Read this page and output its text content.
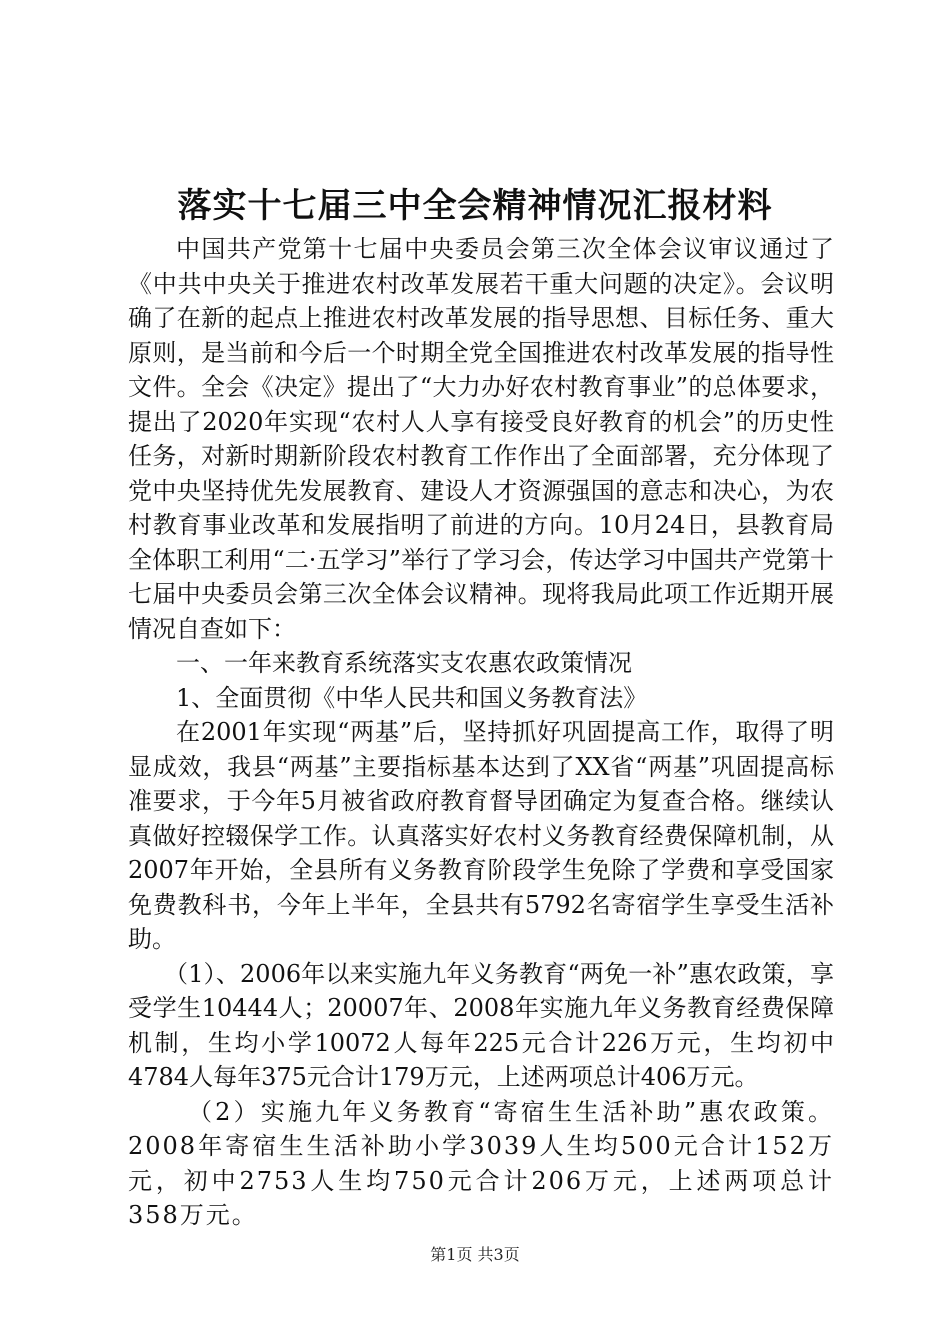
落实十七届三中全会精神情况汇报材料

中国共产党第十七届中央委员会第三次全体会议审议通过了《中共中央关于推进农村改革发展若干重大问题的决定》。会议明确了在新的起点上推进农村改革发展的指导思想、目标任务、重大原则，是当前和今后一个时期全党全国推进农村改革发展的指导性文件。全会《决定》提出了“大力办好农村教育事业”的总体要求，提出了2020年实现“农村人人享有接受良好教育的机会”的历史性任务，对新时期新阶段农村教育工作作出了全面部署，充分体现了党中央坚持优先发展教育、建设人才资源强国的意志和决心，为农村教育事业改革和发展指明了前进的方向。10月24日，县教育局全体职工利用“二·五学习”举行了学习会，传达学习中国共产党第十七届中央委员会第三次全体会议精神。现将我局此项工作近期开展情况自查如下：

一、一年来教育系统落实支农惠农政策情况

1、全面贯彻《中华人民共和国义务教育法》

在2001年实现“两基”后，坚持抓好巩固提高工作，取得了明显成效，我县“两基”主要指标基本达到了XX省“两基”巩固提高标准要求，于今年5月被省政府教育督导团确定为复查合格。继续认真做好控辍保学工作。认真落实好农村义务教育经费保障机制，从2007年开始，全县所有义务教育阶段学生免除了学费和享受国家免费教科书，今年上半年，全县共有5792名寄宿学生享受生活补助。

（1）、2006年以来实施九年义务教育“两免一补”惠农政策，享受学生10444人；20007年、2008年实施九年义务教育经费保障机制，生均小学10072人每年225元合计226万元，生均初中4784人每年375元合计179万元，上述两项总计406万元。

（2）实施九年义务教育“寄宿生生活补助”惠农政策。2008年寄宿生生活补助小学3039人生均500元合计152万元，初中2753人生均750元合计206万元，上述两项总计358万元。

第1页 共3页
